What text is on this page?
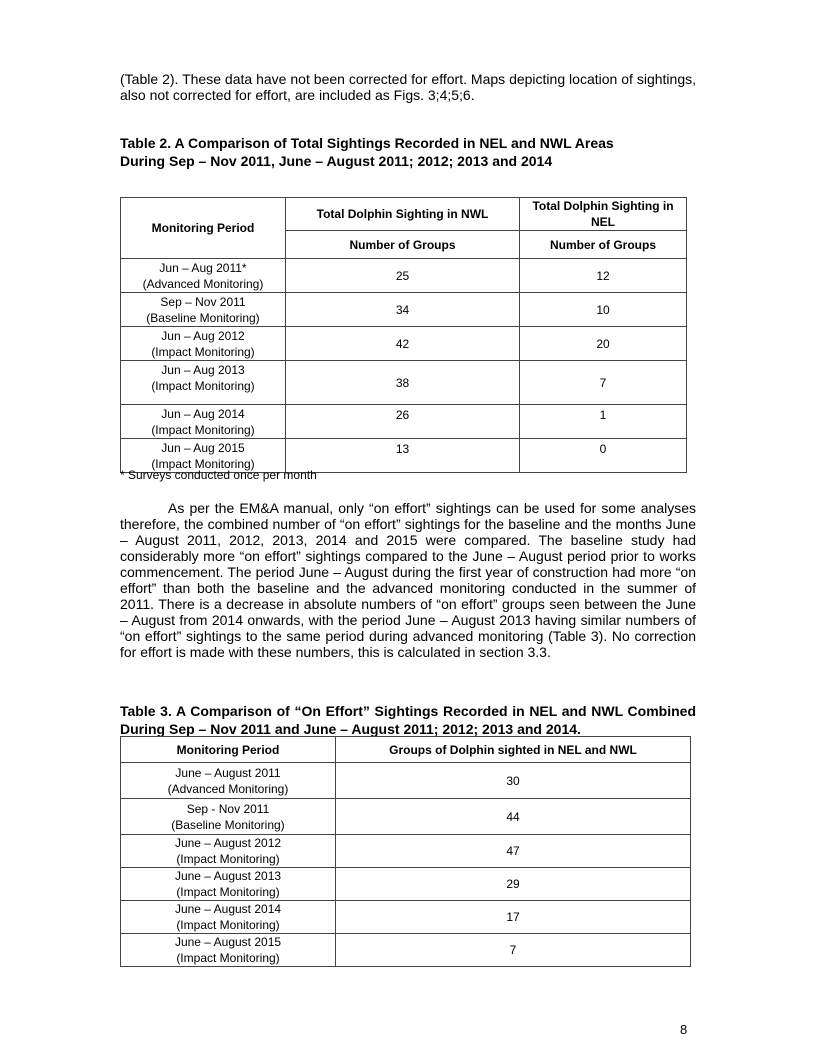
(Table 2). These data have not been corrected for effort. Maps depicting location of sightings, also not corrected for effort, are included as Figs. 3;4;5;6.

Table 2. A Comparison of Total Sightings Recorded in NEL and NWL Areas
During Sep – Nov 2011, June – August 2011; 2012; 2013 and 2014

Monitoring Period	Total Dolphin Sighting in NWL	Total Dolphin Sighting in NEL
	Number of Groups	Number of Groups
Jun – Aug 2011*
(Advanced Monitoring)	25	12
Sep – Nov 2011
(Baseline Monitoring)	34	10
Jun – Aug 2012
(Impact Monitoring)	42	20
Jun – Aug 2013
(Impact Monitoring)	38	7
Jun – Aug 2014
(Impact Monitoring)	26	1
Jun – Aug 2015
(Impact Monitoring)	13	0

* Surveys conducted once per month

As per the EM&A manual, only “on effort” sightings can be used for some analyses therefore, the combined number of “on effort” sightings for the baseline and the months June – August 2011, 2012, 2013, 2014 and 2015 were compared. The baseline study had considerably more “on effort” sightings compared to the June – August period prior to works commencement. The period June – August during the first year of construction had more “on effort” than both the baseline and the advanced monitoring conducted in the summer of 2011. There is a decrease in absolute numbers of “on effort” groups seen between the June – August from 2014 onwards, with the period June – August 2013 having similar numbers of “on effort” sightings to the same period during advanced monitoring (Table 3). No correction for effort is made with these numbers, this is calculated in section 3.3.

Table 3. A Comparison of “On Effort” Sightings Recorded in NEL and NWL Combined During Sep – Nov 2011 and June – August 2011; 2012; 2013 and 2014.

Monitoring Period	Groups of Dolphin sighted in NEL and NWL
June – August 2011
(Advanced Monitoring)	30
Sep - Nov 2011
(Baseline Monitoring)	44
June – August 2012
(Impact Monitoring)	47
June – August 2013
(Impact Monitoring)	29
June – August 2014
(Impact Monitoring)	17
June – August 2015
(Impact Monitoring)	7
8
